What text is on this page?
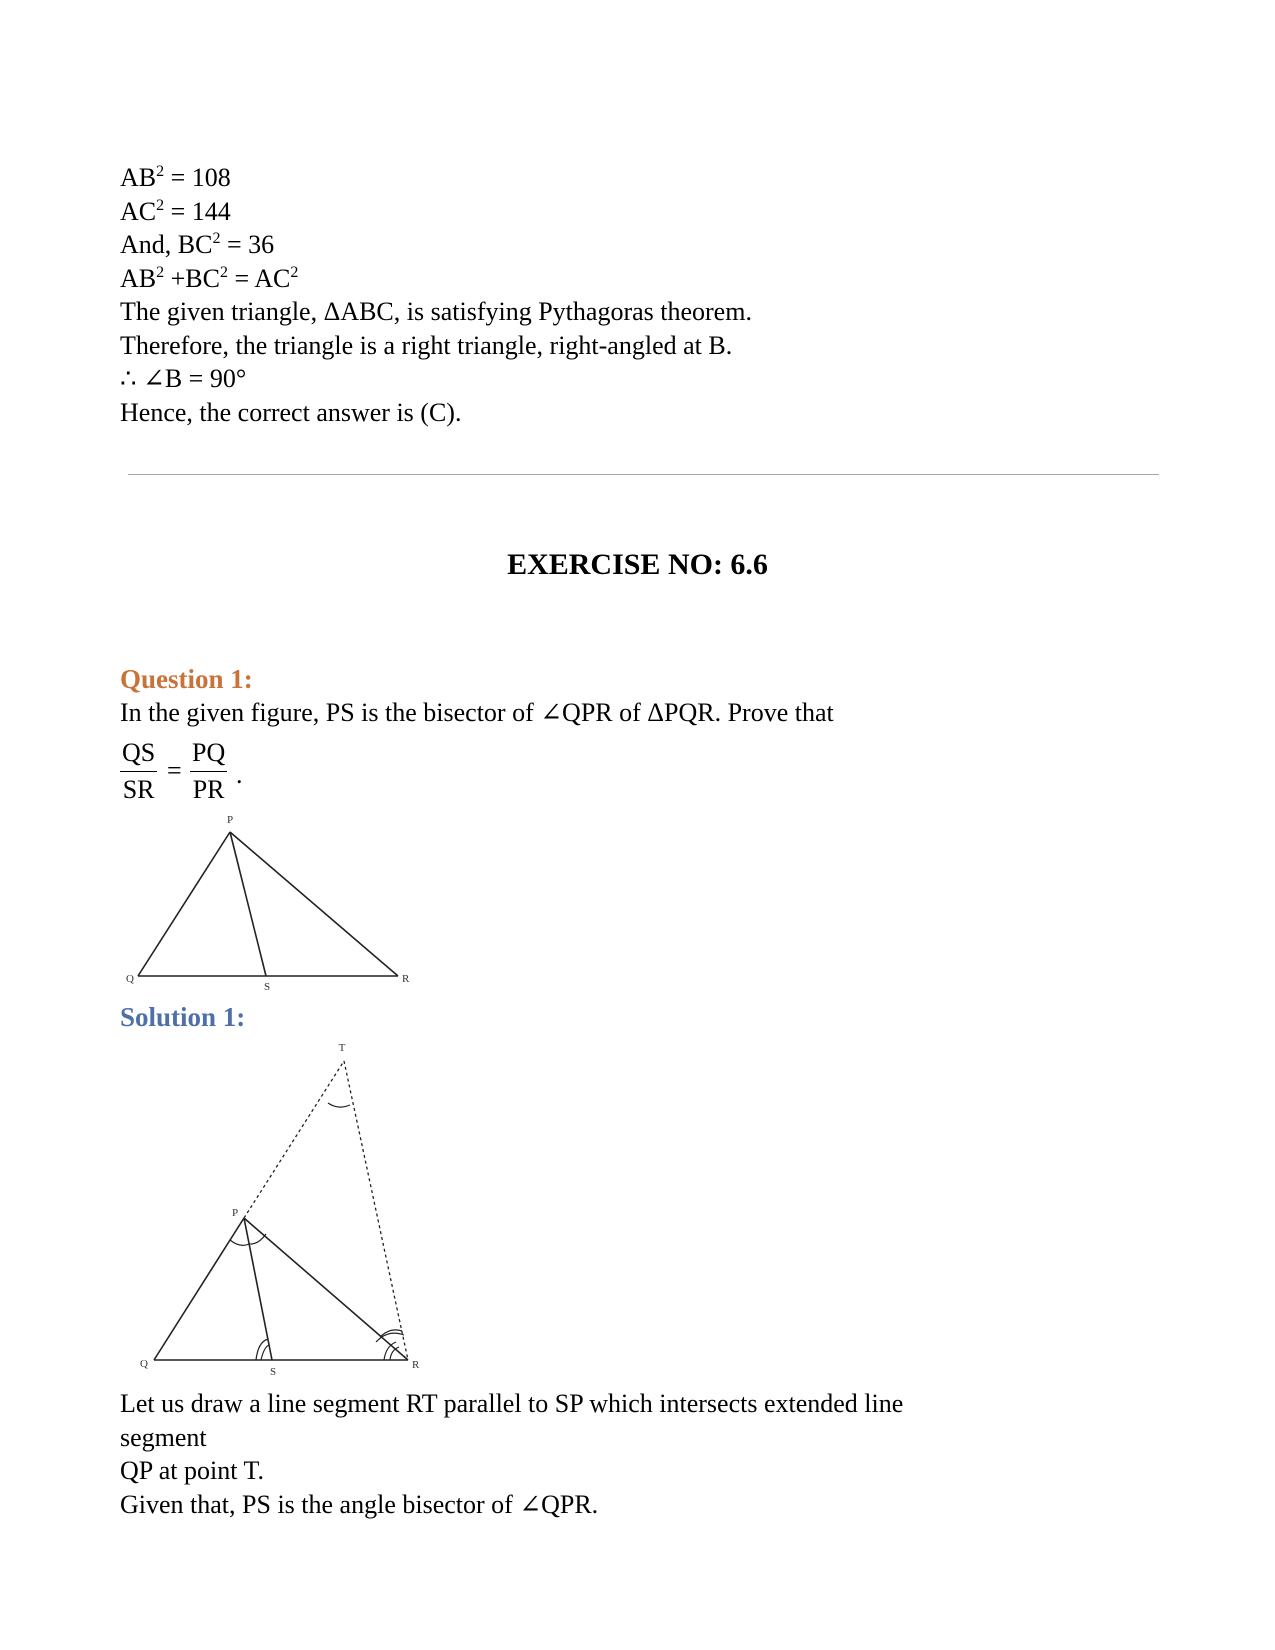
$AB^2 = 108$
$AC^2 = 144$
And, $BC^2 = 36$
$AB^2 +BC^2 = AC^2$
The given triangle, ΔABC, is satisfying Pythagoras theorem.
Therefore, the triangle is a right triangle, right-angled at B.
∴ ∠B = 90°
Hence, the correct answer is (C).
EXERCISE NO: 6.6
Question 1:
In the given figure, PS is the bisector of ∠QPR of ΔPQR. Prove that
$\frac{QS}{SR} = \frac{PQ}{PR}$ .
P
Q	R
S
Solution 1:
T
P
Q	R
S
Let us draw a line segment RT parallel to SP which intersects extended line
segment
QP at point T.
Given that, PS is the angle bisector of ∠QPR.
